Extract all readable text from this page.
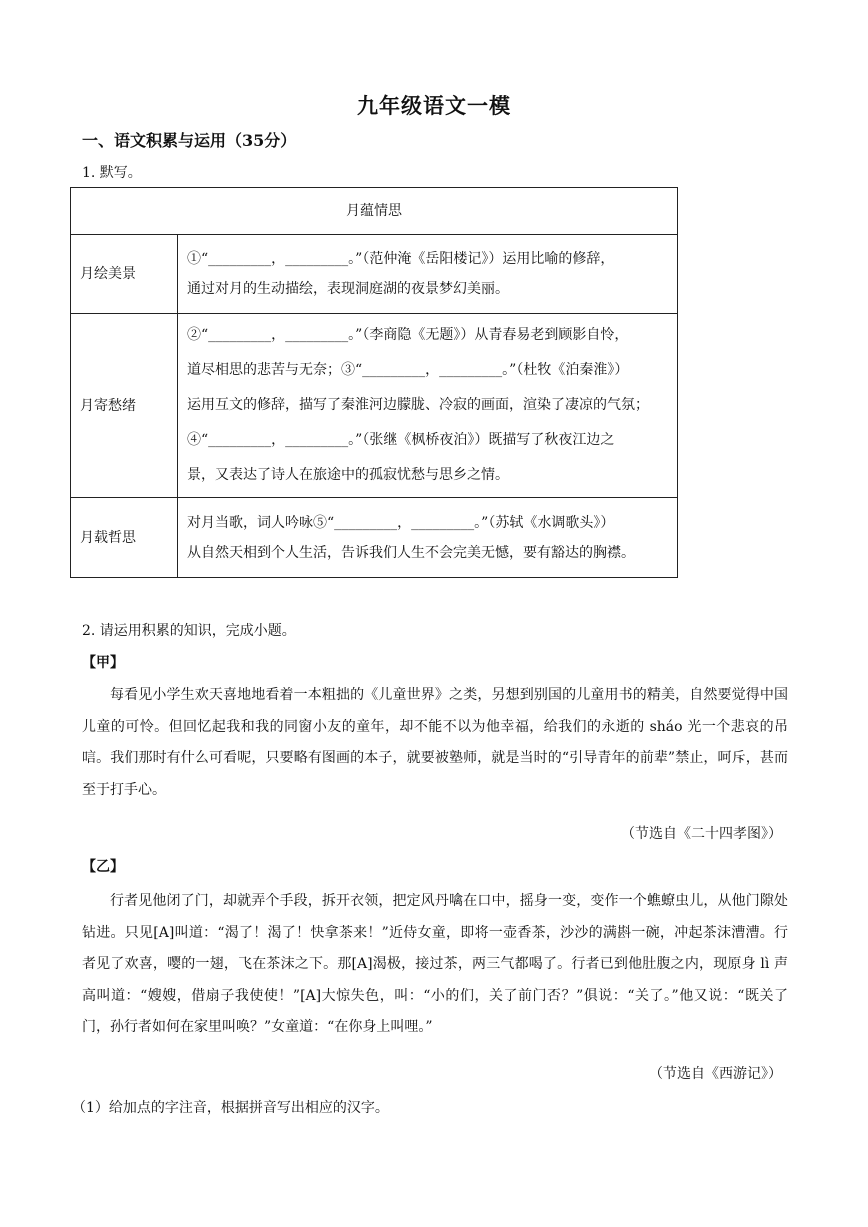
九年级语文一模
一、语文积累与运用（35分）
1. 默写。
月蕴情思	
月绘美景	①“_________，_________。”（范仲淹《岳阳楼记》）运用比喻的修辞，
通过对月的生动描绘，表现洞庭湖的夜景梦幻美丽。

月寄愁绪	②“_________，_________。”（李商隐《无题》）从青春易老到顾影自怜，
道尽相思的悲苦与无奈；③“_________，_________。”（杜牧《泊秦淮》）
运用互文的修辞，描写了秦淮河边朦胧、冷寂的画面，渲染了凄凉的气氛；
④“_________，_________。”（张继《枫桥夜泊》）既描写了秋夜江边之
景，又表达了诗人在旅途中的孤寂忧愁与思乡之情。

月载哲思	对月当歌，词人吟咏⑤“_________，_________。”（苏轼《水调歌头》）
从自然天相到个人生活，告诉我们人生不会完美无憾，要有豁达的胸襟。
2. 请运用积累的知识，完成小题。
【甲】

每看见小学生欢天喜地地看着一本粗拙的《儿童世界》之类，另想到别国的儿童用书的精美，自然要觉得中国儿童的可怜。但回忆起我和我的同窗小友的童年，却不能不以为他幸福，给我们的永逝的 sháo 光一个悲哀的吊唁。我们那时有什么可看呢，只要略有图画的本子，就要被塾师，就是当时的“引导青年的前辈”禁止，呵斥，甚而至于打手心。

（节选自《二十四孝图》）
【乙】

行者见他闭了门，却就弄个手段，拆开衣领，把定风丹噙在口中，摇身一变，变作一个蟭蟟虫儿，从他门隙处钻进。只见[A]叫道：“渴了！渴了！快拿茶来！”近侍女童，即将一壶香茶，沙沙的满斟一碗，冲起茶沫漕漕。行者见了欢喜，嘤的一翅，飞在茶沫之下。那[A]渴极，接过茶，两三气都喝了。行者已到他肚腹之内，现原身 lì 声高叫道：“嫂嫂，借扇子我使使！”[A]大惊失色，叫：“小的们，关了前门否？”俱说：“关了。”他又说：“既关了门，孙行者如何在家里叫唤？”女童道：“在你身上叫哩。”

（节选自《西游记》）
（1）给加点的字注音，根据拼音写出相应的汉字。
